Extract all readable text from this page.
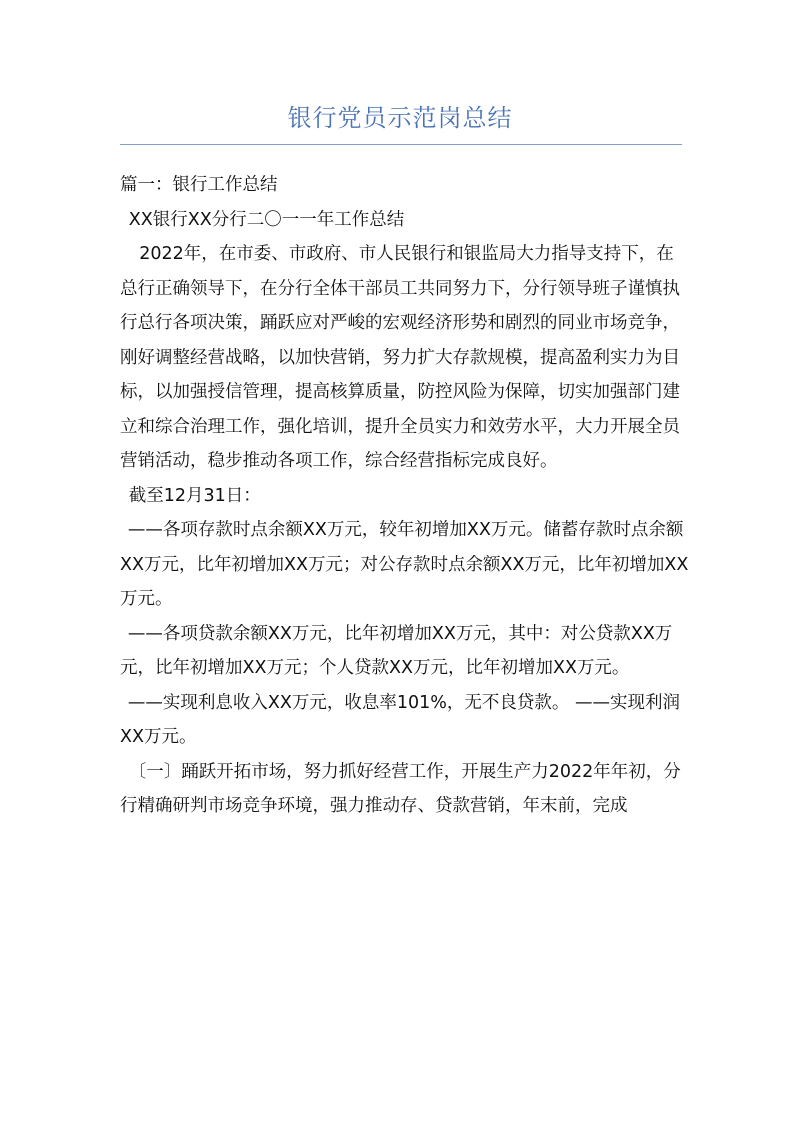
银行党员示范岗总结

篇一：银行工作总结

XX银行XX分行二〇一一年工作总结

2022年，在市委、市政府、市人民银行和银监局大力指导支持下，在总行正确领导下，在分行全体干部员工共同努力下，分行领导班子谨慎执行总行各项决策，踊跃应对严峻的宏观经济形势和剧烈的同业市场竞争，刚好调整经营战略，以加快营销，努力扩大存款规模，提高盈利实力为目标，以加强授信管理，提高核算质量，防控风险为保障，切实加强部门建立和综合治理工作，强化培训，提升全员实力和效劳水平，大力开展全员营销活动，稳步推动各项工作，综合经营指标完成良好。

截至12月31日：

——各项存款时点余额XX万元，较年初增加XX万元。储蓄存款时点余额XX万元，比年初增加XX万元；对公存款时点余额XX万元，比年初增加XX万元。

——各项贷款余额XX万元，比年初增加XX万元，其中：对公贷款XX万元，比年初增加XX万元；个人贷款XX万元，比年初增加XX万元。

——实现利息收入XX万元，收息率101%，无不良贷款。 ——实现利润XX万元。

〔一〕踊跃开拓市场，努力抓好经营工作，开展生产力2022年年初，分行精确研判市场竞争环境，强力推动存、贷款营销，年末前，完成
